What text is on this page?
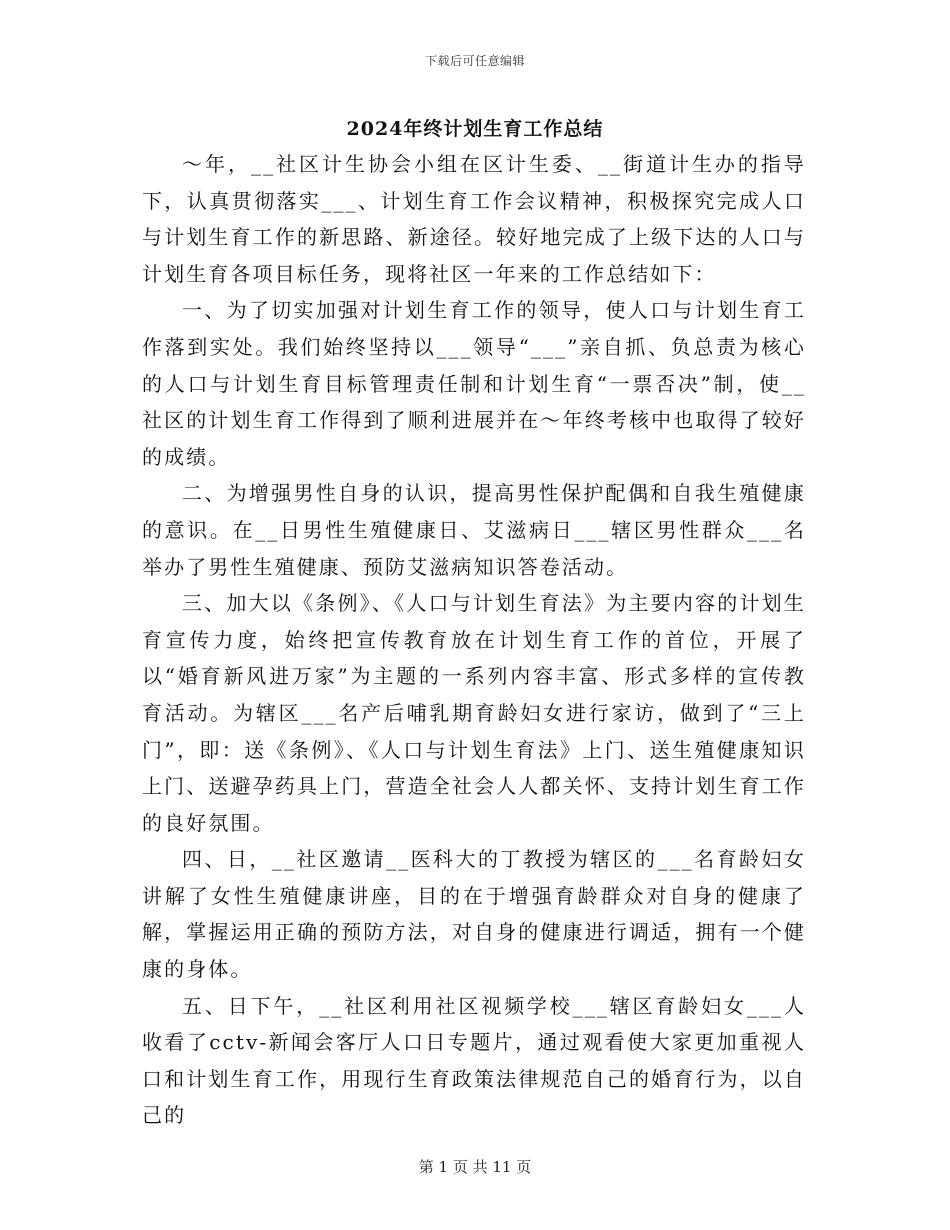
下载后可任意编辑
2024年终计划生育工作总结

～年，__社区计生协会小组在区计生委、__街道计生办的指导下，认真贯彻落实___、计划生育工作会议精神，积极探究完成人口与计划生育工作的新思路、新途径。较好地完成了上级下达的人口与计划生育各项目标任务，现将社区一年来的工作总结如下：

一、为了切实加强对计划生育工作的领导，使人口与计划生育工作落到实处。我们始终坚持以___领导“___”亲自抓、负总责为核心的人口与计划生育目标管理责任制和计划生育“一票否决”制，使__社区的计划生育工作得到了顺利进展并在～年终考核中也取得了较好的成绩。

二、为增强男性自身的认识，提高男性保护配偶和自我生殖健康的意识。在__日男性生殖健康日、艾滋病日___辖区男性群众___名举办了男性生殖健康、预防艾滋病知识答卷活动。

三、加大以《条例》、《人口与计划生育法》为主要内容的计划生育宣传力度，始终把宣传教育放在计划生育工作的首位，开展了以“婚育新风进万家”为主题的一系列内容丰富、形式多样的宣传教育活动。为辖区___名产后哺乳期育龄妇女进行家访，做到了“三上门”，即：送《条例》、《人口与计划生育法》上门、送生殖健康知识上门、送避孕药具上门，营造全社会人人都关怀、支持计划生育工作的良好氛围。

四、日，__社区邀请__医科大的丁教授为辖区的___名育龄妇女讲解了女性生殖健康讲座，目的在于增强育龄群众对自身的健康了解，掌握运用正确的预防方法，对自身的健康进行调适，拥有一个健康的身体。

五、日下午，__社区利用社区视频学校___辖区育龄妇女___人收看了cctv-新闻会客厅人口日专题片，通过观看使大家更加重视人口和计划生育工作，用现行生育政策法律规范自己的婚育行为，以自己的

第 1 页 共 11 页
